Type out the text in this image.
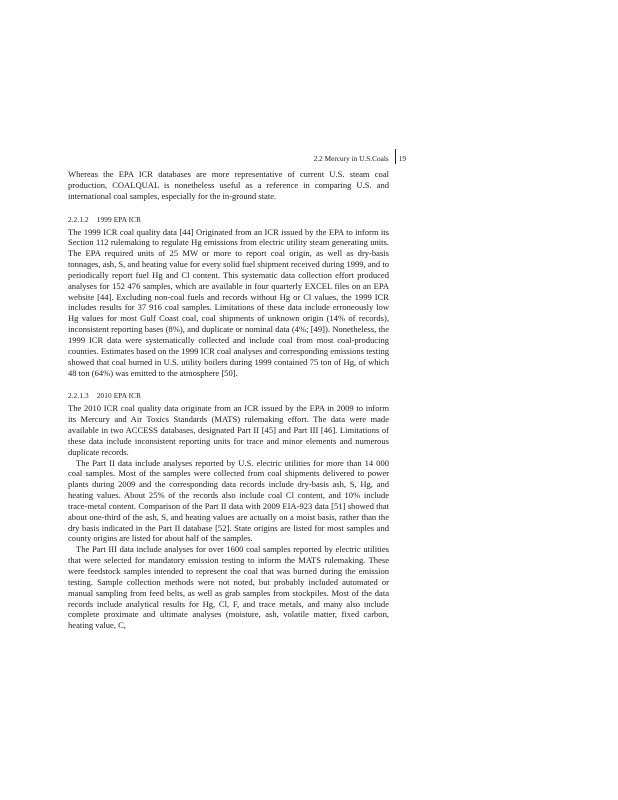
2.2 Mercury in U.S.Coals 19

Whereas the EPA ICR databases are more representative of current U.S. steam coal production, COALQUAL is nonetheless useful as a reference in comparing U.S. and international coal samples, especially for the in-ground state.

2.2.1.2 1999 EPA ICR

The 1999 ICR coal quality data [44] Originated from an ICR issued by the EPA to inform its Section 112 rulemaking to regulate Hg emissions from electric utility steam generating units. The EPA required units of 25 MW or more to report coal origin, as well as dry-basis tonnages, ash, S, and heating value for every solid fuel shipment received during 1999, and to periodically report fuel Hg and Cl content. This systematic data collection effort produced analyses for 152 476 samples, which are available in four quarterly EXCEL files on an EPA website [44]. Excluding non-coal fuels and records without Hg or Cl values, the 1999 ICR includes results for 37 916 coal samples. Limitations of these data include erroneously low Hg values for most Gulf Coast coal, coal shipments of unknown origin (14% of records), inconsistent reporting bases (8%), and duplicate or nominal data (4%; [49]). Nonetheless, the 1999 ICR data were systematically collected and include coal from most coal-producing counties. Estimates based on the 1999 ICR coal analyses and corresponding emissions testing showed that coal burned in U.S. utility boilers during 1999 contained 75 ton of Hg, of which 48 ton (64%) was emitted to the atmosphere [50].

2.2.1.3 2010 EPA ICR

The 2010 ICR coal quality data originate from an ICR issued by the EPA in 2009 to inform its Mercury and Air Toxics Standards (MATS) rulemaking effort. The data were made available in two ACCESS databases, designated Part II [45] and Part III [46]. Limitations of these data include inconsistent reporting units for trace and minor elements and numerous duplicate records.

The Part II data include analyses reported by U.S. electric utilities for more than 14 000 coal samples. Most of the samples were collected from coal shipments delivered to power plants during 2009 and the corresponding data records include dry-basis ash, S, Hg, and heating values. About 25% of the records also include coal Cl content, and 10% include trace-metal content. Comparison of the Part II data with 2009 EIA-923 data [51] showed that about one-third of the ash, S, and heating values are actually on a moist basis, rather than the dry basis indicated in the Part II database [52]. State origins are listed for most samples and county origins are listed for about half of the samples.

The Part III data include analyses for over 1600 coal samples reported by electric utilities that were selected for mandatory emission testing to inform the MATS rulemaking. These were feedstock samples intended to represent the coal that was burned during the emission testing. Sample collection methods were not noted, but probably included automated or manual sampling from feed belts, as well as grab samples from stockpiles. Most of the data records include analytical results for Hg, Cl, F, and trace metals, and many also include complete proximate and ultimate analyses (moisture, ash, volatile matter, fixed carbon, heating value, C,
